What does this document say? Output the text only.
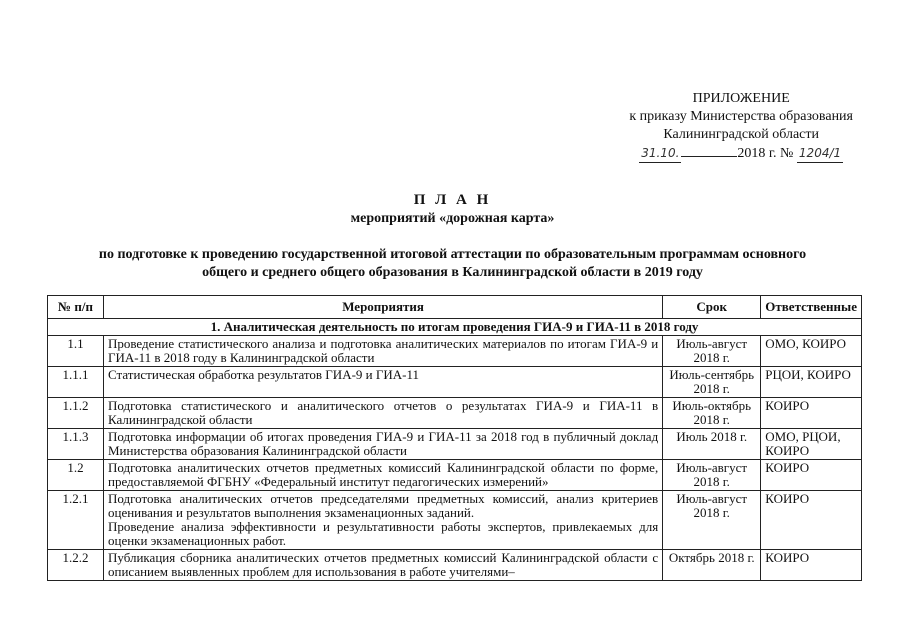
ПРИЛОЖЕНИЕ
к приказу Министерства образования
Калининградской области
31.10.	2018 г. № 1204/1
П Л А Н
мероприятий «дорожная карта»
по подготовке к проведению государственной итоговой аттестации по образовательным программам основного
общего и среднего общего образования в Калининградской области в 2019 году
№ п/п	Мероприятия	Срок	Ответственные
1. Аналитическая деятельность по итогам проведения ГИА-9 и ГИА-11 в 2018 году			
1.1	Проведение статистического анализа и подготовка аналитических материалов по итогам ГИА-9 и ГИА-11 в 2018 году в Калининградской области	Июль-август 2018 г.	ОМО, КОИРО
1.1.1	Статистическая обработка результатов ГИА-9 и ГИА-11	Июль-сентябрь 2018 г.	РЦОИ, КОИРО
1.1.2	Подготовка статистического и аналитического отчетов о результатах ГИА-9 и ГИА-11 в Калининградской области	Июль-октябрь 2018 г.	КОИРО
1.1.3	Подготовка информации об итогах проведения ГИА-9 и ГИА-11 за 2018 год в публичный доклад Министерства образования Калининградской области	Июль 2018 г.	ОМО, РЦОИ, КОИРО
1.2	Подготовка аналитических отчетов предметных комиссий Калининградской области по форме, предоставляемой ФГБНУ «Федеральный институт педагогических измерений»	Июль-август 2018 г.	КОИРО
1.2.1	Подготовка аналитических отчетов председателями предметных комиссий, анализ критериев оценивания и результатов выполнения экзаменационных заданий.
Проведение анализа эффективности и результативности работы экспертов, привлекаемых для оценки экзаменационных работ.	Июль-август 2018 г.	КОИРО
1.2.2	Публикация сборника аналитических отчетов предметных комиссий Калининградской области с описанием выявленных проблем для использования в работе учителями–	Октябрь 2018 г.	КОИРО
